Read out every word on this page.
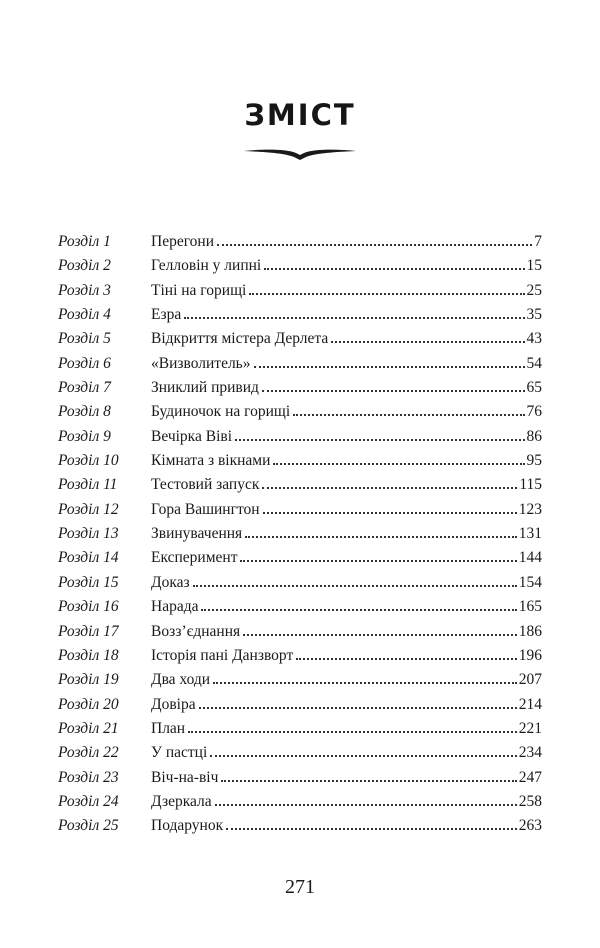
ЗМІСТ
Розділ 1	Перегони	7
Розділ 2	Гелловін у липні	15
Розділ 3	Тіні на горищі	25
Розділ 4	Езра	35
Розділ 5	Відкриття містера Дерлета	43
Розділ 6	«Визволитель»	54
Розділ 7	Зниклий привид	65
Розділ 8	Будиночок на горищі	76
Розділ 9	Вечірка Віві	86
Розділ 10	Кімната з вікнами	95
Розділ 11	Тестовий запуск	115
Розділ 12	Гора Вашингтон	123
Розділ 13	Звинувачення	131
Розділ 14	Експеримент	144
Розділ 15	Доказ	154
Розділ 16	Нарада	165
Розділ 17	Возз’єднання	186
Розділ 18	Історія пані Данзворт	196
Розділ 19	Два ходи	207
Розділ 20	Довіра	214
Розділ 21	План	221
Розділ 22	У пастці	234
Розділ 23	Віч-на-віч	247
Розділ 24	Дзеркала	258
Розділ 25	Подарунок	263
271
